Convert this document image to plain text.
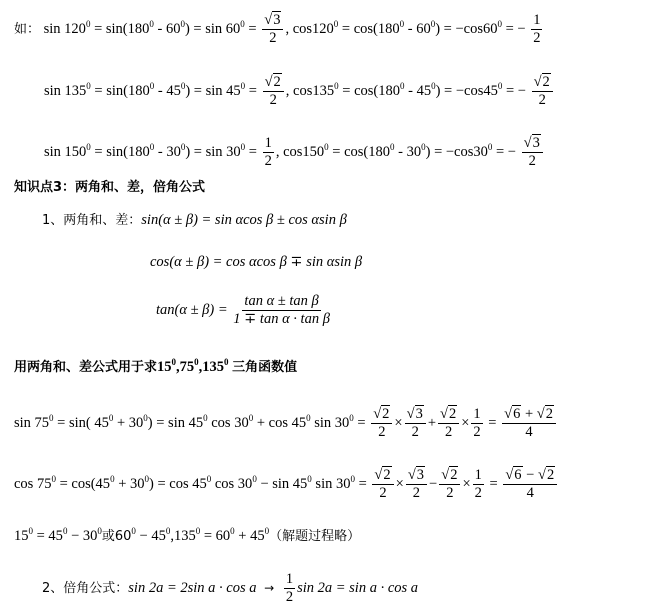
如： $\sin 120^0 = \sin(180^0 - 60^0) = \sin 60^0 = \frac{√3}{2}$ , $\cos 120^0 = \cos(180^0 - 60^0) = -\cos 60^0$ = − $\frac{1}{2}$
$\sin 135^0 = \sin(180^0 - 45^0) = \sin 45^0 = \frac{√2}{2}$ , $\cos 135^0 = \cos(180^0 - 45^0) = -\cos 45^0$ = − $\frac{√2}{2}$
$\sin 150^0 = \sin(180^0 - 30^0) = \sin 30^0 = \frac{1}{2}$ , $\cos 150^0 = \cos(180^0 - 30^0) = -\cos 30^0$ = − $\frac{√3}{2}$
知识点3：两角和、差，倍角公式
1、两角和、差：sin(α ± β) = sin αcos β ± cos αsin β
cos(α ± β) = cos αcos β ∓ sin αsin β
$\tan(\alpha \pm \beta) = \frac{\text{tan α ± tan β}}{\text{1 ∓ tan α · tan β}}$
用两角和、差公式用于求$15^0,75^0,135^0$ 三角函数值
$\sin 75^0 = \sin$( $45^0 + 30^0) = \sin 45^0$ $\cos 30^0 + \cos 45^0$ $\sin 30^0 = \frac{√2}{2} \times \frac{√3}{2} + \frac{√2}{2} \times \frac{1}{2} = \frac{√6 + √2}{4}$
$\cos 75^0 = \cos(45^0 + 30^0) = \cos 45^0$ $\cos 30^0 - \sin 45^0$ $\sin 30^0 = \frac{√2}{2} \times \frac{√3}{2} - \frac{√2}{2} \times \frac{1}{2} = \frac{√6 - √2}{4}$
$15^0 = 45^0 - 30^0$或$60^0 - 45^0,135^0 = 60^0 + 45^0$（解题过程略）
2、倍角公式：sin 2a = 2sin $a \cdot \cos a \to \frac{1}{2}$ sin 2a = sin a · cos a
